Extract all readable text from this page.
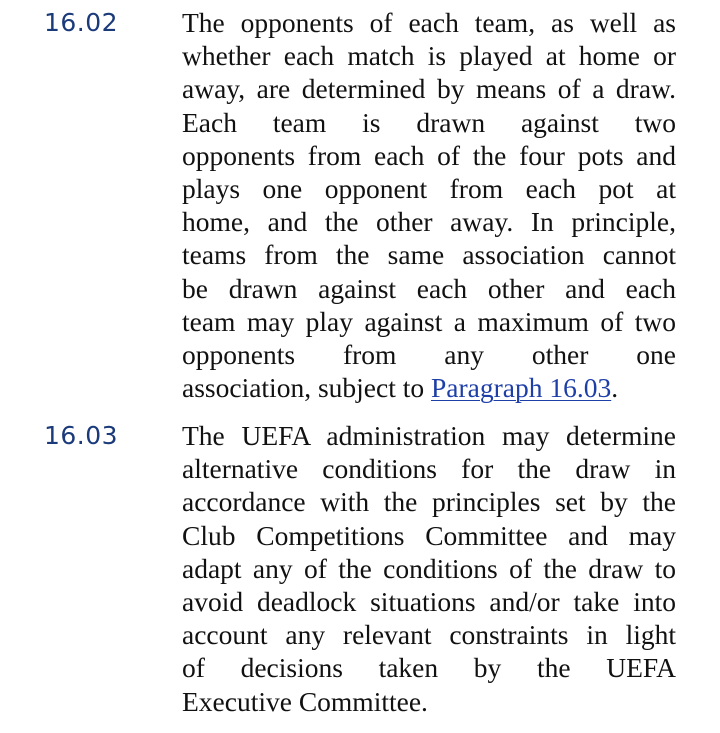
16.02 The opponents of each team, as well as
whether each match is played at home or
away, are determined by means of a draw.
Each team is drawn against two
opponents from each of the four pots and
plays one opponent from each pot at
home, and the other away. In principle,
teams from the same association cannot
be drawn against each other and each
team may play against a maximum of two
opponents from any other one
association, subject to Paragraph 16.03.
16.03 The UEFA administration may determine
alternative conditions for the draw in
accordance with the principles set by the
Club Competitions Committee and may
adapt any of the conditions of the draw to
avoid deadlock situations and/or take into
account any relevant constraints in light
of decisions taken by the UEFA
Executive Committee.
